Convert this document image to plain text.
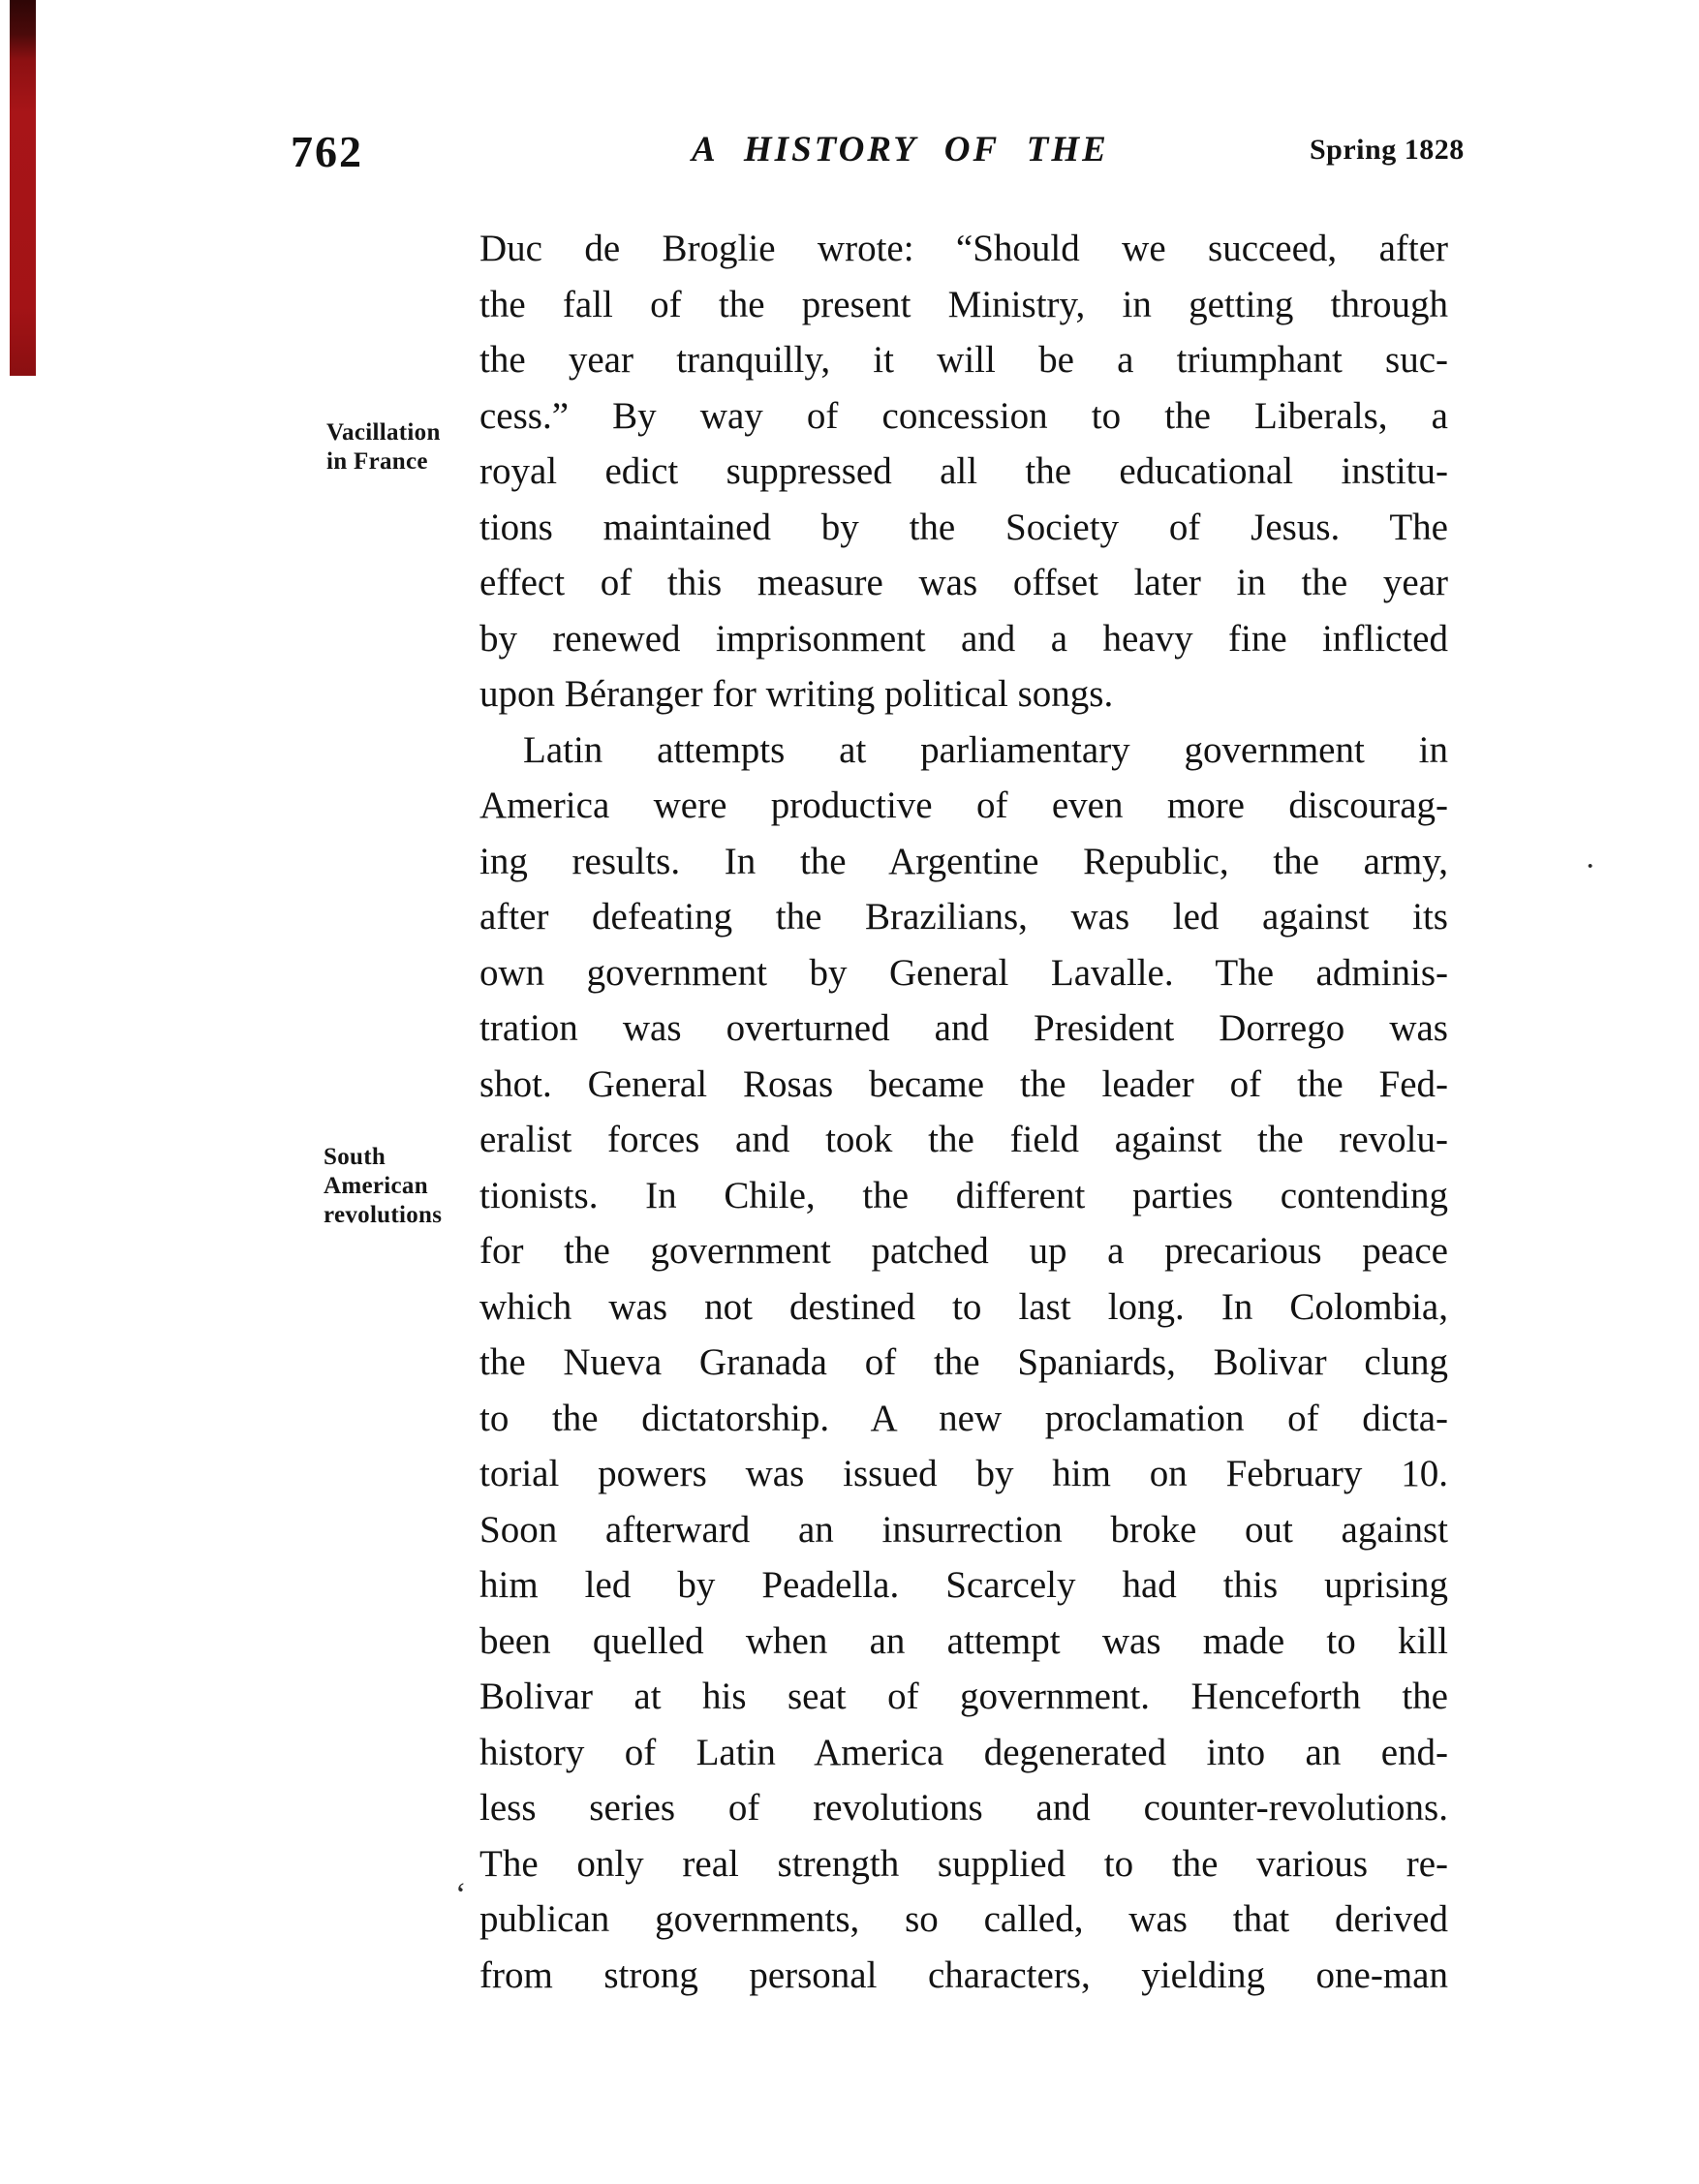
762	A HISTORY OF THE	Spring 1828
Vacillation
in France
South
American
revolutions
Duc de Broglie wrote: “Should we succeed, after
the fall of the present Ministry, in getting through
the year tranquilly, it will be a triumphant suc-
cess.” By way of concession to the Liberals, a
royal edict suppressed all the educational institu-
tions maintained by the Society of Jesus. The
effect of this measure was offset later in the year
by renewed imprisonment and a heavy fine inflicted
upon Béranger for writing political songs.
Latin attempts at parliamentary government in
America were productive of even more discourag-
ing results. In the Argentine Republic, the army,
after defeating the Brazilians, was led against its
own government by General Lavalle. The adminis-
tration was overturned and President Dorrego was
shot. General Rosas became the leader of the Fed-
eralist forces and took the field against the revolu-
tionists. In Chile, the different parties contending
for the government patched up a precarious peace
which was not destined to last long. In Colombia,
the Nueva Granada of the Spaniards, Bolivar clung
to the dictatorship. A new proclamation of dicta-
torial powers was issued by him on February 10.
Soon afterward an insurrection broke out against
him led by Peadella. Scarcely had this uprising
been quelled when an attempt was made to kill
Bolivar at his seat of government. Henceforth the
history of Latin America degenerated into an end-
less series of revolutions and counter-revolutions.
The only real strength supplied to the various re-
publican governments, so called, was that derived
from strong personal characters, yielding one-man
·
ʻ
